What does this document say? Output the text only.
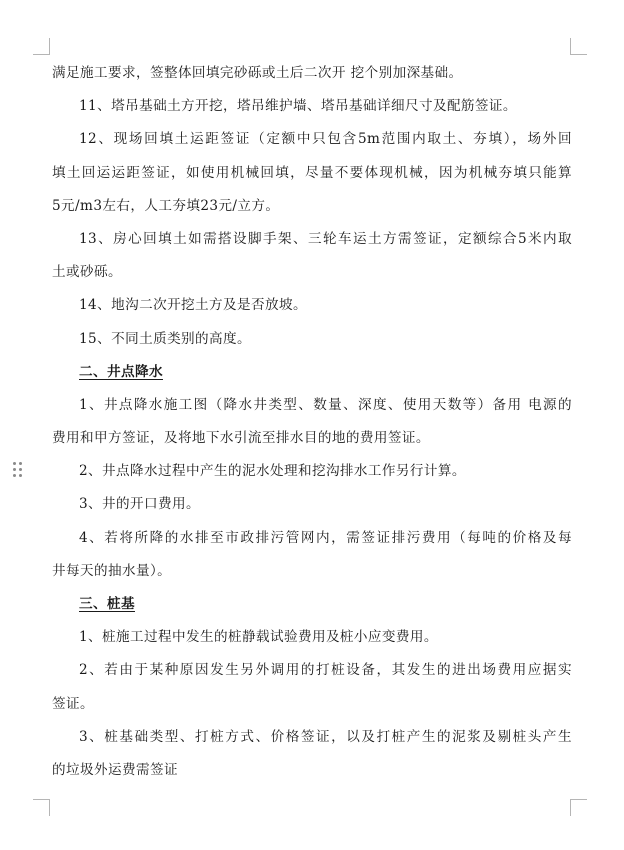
满足施工要求，签整体回填完砂砾或土后二次开 挖个别加深基础。
11、塔吊基础土方开挖，塔吊维护墙、塔吊基础详细尺寸及配筋签证。
12、现场回填土运距签证（定额中只包含5m范围内取土、夯填），场外回
填土回运运距签证，如使用机械回填，尽量不要体现机械，因为机械夯填只能算
5元/m3左右，人工夯填23元/立方。
13、房心回填土如需搭设脚手架、三轮车运土方需签证，定额综合5米内取
土或砂砾。
14、地沟二次开挖土方及是否放坡。
15、不同土质类别的高度。
二、井点降水
1、井点降水施工图（降水井类型、数量、深度、使用天数等）备用 电源的
费用和甲方签证，及将地下水引流至排水目的地的费用签证。
2、井点降水过程中产生的泥水处理和挖沟排水工作另行计算。
3、井的开口费用。
4、若将所降的水排至市政排污管网内，需签证排污费用（每吨的价格及每
井每天的抽水量）。
三、桩基
1、桩施工过程中发生的桩静载试验费用及桩小应变费用。
2、若由于某种原因发生另外调用的打桩设备，其发生的进出场费用应据实
签证。
3、桩基础类型、打桩方式、价格签证，以及打桩产生的泥浆及剔桩头产生
的垃圾外运费需签证
